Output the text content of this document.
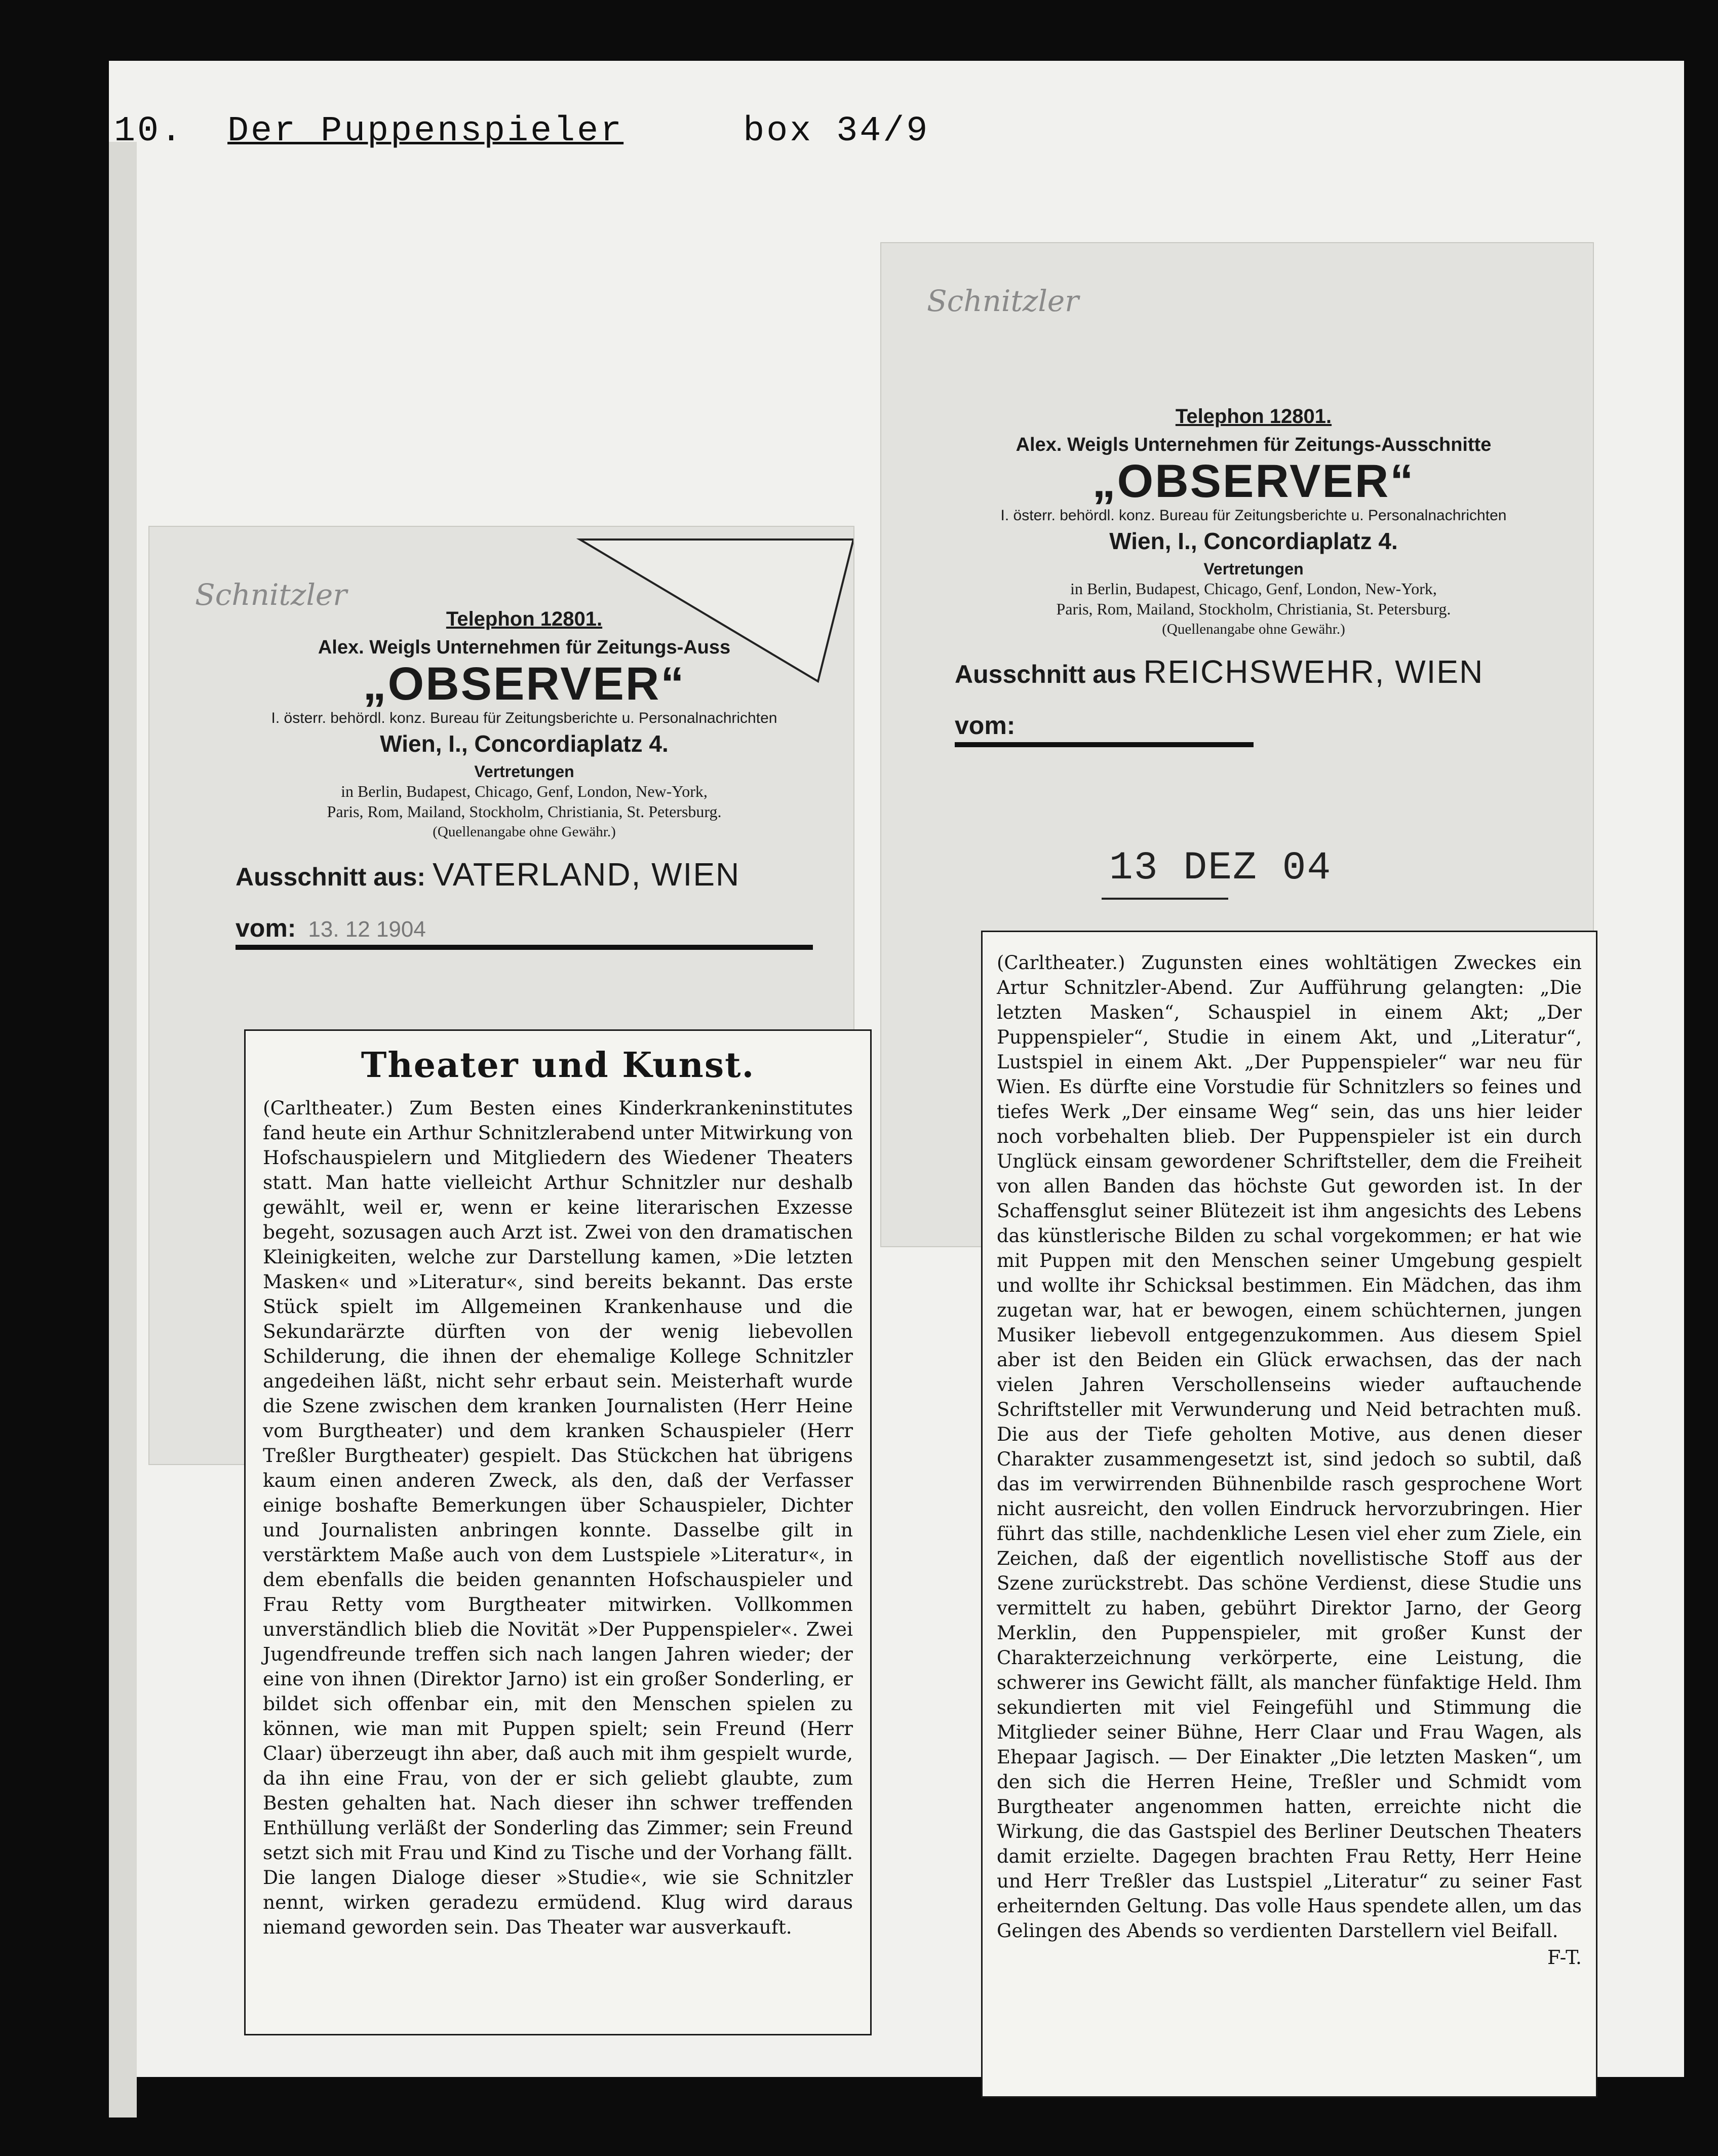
10. Der Puppenspieler	box 34/9
Schnitzler
Telephon 12801.
Alex. Weigls Unternehmen für Zeitungs-Auss
„OBSERVER“
I. österr. behördl. konz. Bureau für Zeitungsberichte u. Personalnachrichten
Wien, I., Concordiaplatz 4.
Vertretungen
in Berlin, Budapest, Chicago, Genf, London, New-York,
Paris, Rom, Mailand, Stockholm, Christiania, St. Petersburg.
(Quellenangabe ohne Gewähr.)
Ausschnitt aus: VATERLAND, WIEN
vom: 13. 12 1904
Theater und Kunst.
(Carltheater.) Zum Besten eines Kinderkrankeninstitutes fand heute ein Arthur Schnitzlerabend unter Mitwirkung von Hofschauspielern und Mitgliedern des Wiedener Theaters statt. Man hatte vielleicht Arthur Schnitzler nur deshalb gewählt, weil er, wenn er keine literarischen Exzesse begeht, sozusagen auch Arzt ist. Zwei von den dramatischen Kleinigkeiten, welche zur Darstellung kamen, »Die letzten Masken« und »Literatur«, sind bereits bekannt. Das erste Stück spielt im Allgemeinen Krankenhause und die Sekundarärzte dürften von der wenig liebevollen Schilderung, die ihnen der ehemalige Kollege Schnitzler angedeihen läßt, nicht sehr erbaut sein. Meisterhaft wurde die Szene zwischen dem kranken Journalisten (Herr Heine vom Burgtheater) und dem kranken Schauspieler (Herr Treßler Burgtheater) gespielt. Das Stückchen hat übrigens kaum einen anderen Zweck, als den, daß der Verfasser einige boshafte Bemerkungen über Schauspieler, Dichter und Journalisten anbringen konnte. Dasselbe gilt in verstärktem Maße auch von dem Lustspiele »Literatur«, in dem ebenfalls die beiden genannten Hofschauspieler und Frau Retty vom Burgtheater mitwirken. Vollkommen unverständlich blieb die Novität »Der Puppenspieler«. Zwei Jugendfreunde treffen sich nach langen Jahren wieder; der eine von ihnen (Direktor Jarno) ist ein großer Sonderling, er bildet sich offenbar ein, mit den Menschen spielen zu können, wie man mit Puppen spielt; sein Freund (Herr Claar) überzeugt ihn aber, daß auch mit ihm gespielt wurde, da ihn eine Frau, von der er sich geliebt glaubte, zum Besten gehalten hat. Nach dieser ihn schwer treffenden Enthüllung verläßt der Sonderling das Zimmer; sein Freund setzt sich mit Frau und Kind zu Tische und der Vorhang fällt. Die langen Dialoge dieser »Studie«, wie sie Schnitzler nennt, wirken geradezu ermüdend. Klug wird daraus niemand geworden sein. Das Theater war ausverkauft.
Schnitzler
Telephon 12801.
Alex. Weigls Unternehmen für Zeitungs-Ausschnitte
„OBSERVER“
I. österr. behördl. konz. Bureau für Zeitungsberichte u. Personalnachrichten
Wien, I., Concordiaplatz 4.
Vertretungen
in Berlin, Budapest, Chicago, Genf, London, New-York,
Paris, Rom, Mailand, Stockholm, Christiania, St. Petersburg.
(Quellenangabe ohne Gewähr.)
Ausschnitt aus REICHSWEHR, WIEN
vom:
13 DEZ 04
(Carltheater.) Zugunsten eines wohltätigen Zweckes ein Artur Schnitzler-Abend. Zur Aufführung gelangten: „Die letzten Masken“, Schauspiel in einem Akt; „Der Puppenspieler“, Studie in einem Akt, und „Literatur“, Lustspiel in einem Akt. „Der Puppenspieler“ war neu für Wien. Es dürfte eine Vorstudie für Schnitzlers so feines und tiefes Werk „Der einsame Weg“ sein, das uns hier leider noch vorbehalten blieb. Der Puppenspieler ist ein durch Unglück einsam gewordener Schriftsteller, dem die Freiheit von allen Banden das höchste Gut geworden ist. In der Schaffensglut seiner Blütezeit ist ihm angesichts des Lebens das künstlerische Bilden zu schal vorgekommen; er hat wie mit Puppen mit den Menschen seiner Umgebung gespielt und wollte ihr Schicksal bestimmen. Ein Mädchen, das ihm zugetan war, hat er bewogen, einem schüchternen, jungen Musiker liebevoll entgegenzukommen. Aus diesem Spiel aber ist den Beiden ein Glück erwachsen, das der nach vielen Jahren Verschollenseins wieder auftauchende Schriftsteller mit Verwunderung und Neid betrachten muß. Die aus der Tiefe geholten Motive, aus denen dieser Charakter zusammengesetzt ist, sind jedoch so subtil, daß das im verwirrenden Bühnenbilde rasch gesprochene Wort nicht ausreicht, den vollen Eindruck hervorzubringen. Hier führt das stille, nachdenkliche Lesen viel eher zum Ziele, ein Zeichen, daß der eigentlich novellistische Stoff aus der Szene zurückstrebt. Das schöne Verdienst, diese Studie uns vermittelt zu haben, gebührt Direktor Jarno, der Georg Merklin, den Puppenspieler, mit großer Kunst der Charakterzeichnung verkörperte, eine Leistung, die schwerer ins Gewicht fällt, als mancher fünfaktige Held. Ihm sekundierten mit viel Feingefühl und Stimmung die Mitglieder seiner Bühne, Herr Claar und Frau Wagen, als Ehepaar Jagisch. — Der Einakter „Die letzten Masken“, um den sich die Herren Heine, Treßler und Schmidt vom Burgtheater angenommen hatten, erreichte nicht die Wirkung, die das Gastspiel des Berliner Deutschen Theaters damit erzielte. Dagegen brachten Frau Retty, Herr Heine und Herr Treßler das Lustspiel „Literatur“ zu seiner Fast erheiternden Geltung. Das volle Haus spendete allen, um das Gelingen des Abends so verdienten Darstellern viel Beifall.
F-T.
